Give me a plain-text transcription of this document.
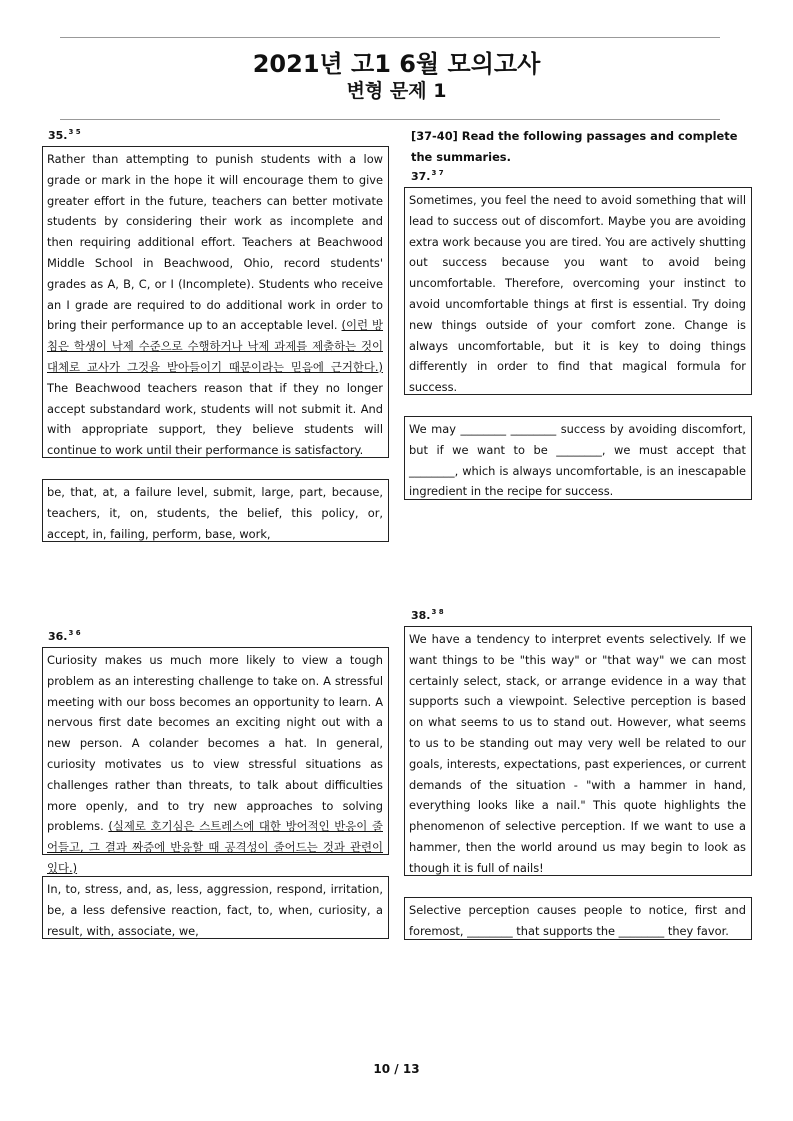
2021년 고1 6월 모의고사
변형 문제 1
35.$^{3 5}$
Rather than attempting to punish students with a low grade or mark in the hope it will encourage them to give greater effort in the future, teachers can better motivate students by considering their work as incomplete and then requiring additional effort. Teachers at Beachwood Middle School in Beachwood, Ohio, record students' grades as A, B, C, or I (Incomplete). Students who receive an I grade are required to do additional work in order to bring their performance up to an acceptable level. (이런 방침은 학생이 낙제 수준으로 수행하거나 낙제 과제를 제출하는 것이 대체로 교사가 그것을 받아들이기 때문이라는 믿음에 근거한다.) The Beachwood teachers reason that if they no longer accept substandard work, students will not submit it. And with appropriate support, they believe students will continue to work until their performance is satisfactory.
be, that, at, a failure level, submit, large, part, because, teachers, it, on, students, the belief, this policy, or, accept, in, failing, perform, base, work,
[37-40] Read the following passages and complete the summaries.
37.$^{3 7}$
Sometimes, you feel the need to avoid something that will lead to success out of discomfort. Maybe you are avoiding extra work because you are tired. You are actively shutting out success because you want to avoid being uncomfortable. Therefore, overcoming your instinct to avoid uncomfortable things at first is essential. Try doing new things outside of your comfort zone. Change is always uncomfortable, but it is key to doing things differently in order to find that magical formula for success.
We may ________ ________ success by avoiding discomfort, but if we want to be ________, we must accept that ________, which is always uncomfortable, is an inescapable ingredient in the recipe for success.
38.$^{3 8}$
We have a tendency to interpret events selectively. If we want things to be "this way" or "that way" we can most certainly select, stack, or arrange evidence in a way that supports such a viewpoint. Selective perception is based on what seems to us to stand out. However, what seems to us to be standing out may very well be related to our goals, interests, expectations, past experiences, or current demands of the situation - "with a hammer in hand, everything looks like a nail." This quote highlights the phenomenon of selective perception. If we want to use a hammer, then the world around us may begin to look as though it is full of nails!
Selective perception causes people to notice, first and foremost, ________ that supports the ________ they favor.
36.$^{3 6}$
Curiosity makes us much more likely to view a tough problem as an interesting challenge to take on. A stressful meeting with our boss becomes an opportunity to learn. A nervous first date becomes an exciting night out with a new person. A colander becomes a hat. In general, curiosity motivates us to view stressful situations as challenges rather than threats, to talk about difficulties more openly, and to try new approaches to solving problems. (실제로 호기심은 스트레스에 대한 방어적인 반응이 줄어들고, 그 결과 짜증에 반응할 때 공격성이 줄어드는 것과 관련이 있다.)
In, to, stress, and, as, less, aggression, respond, irritation, be, a less defensive reaction, fact, to, when, curiosity, a result, with, associate, we,
10 / 13
